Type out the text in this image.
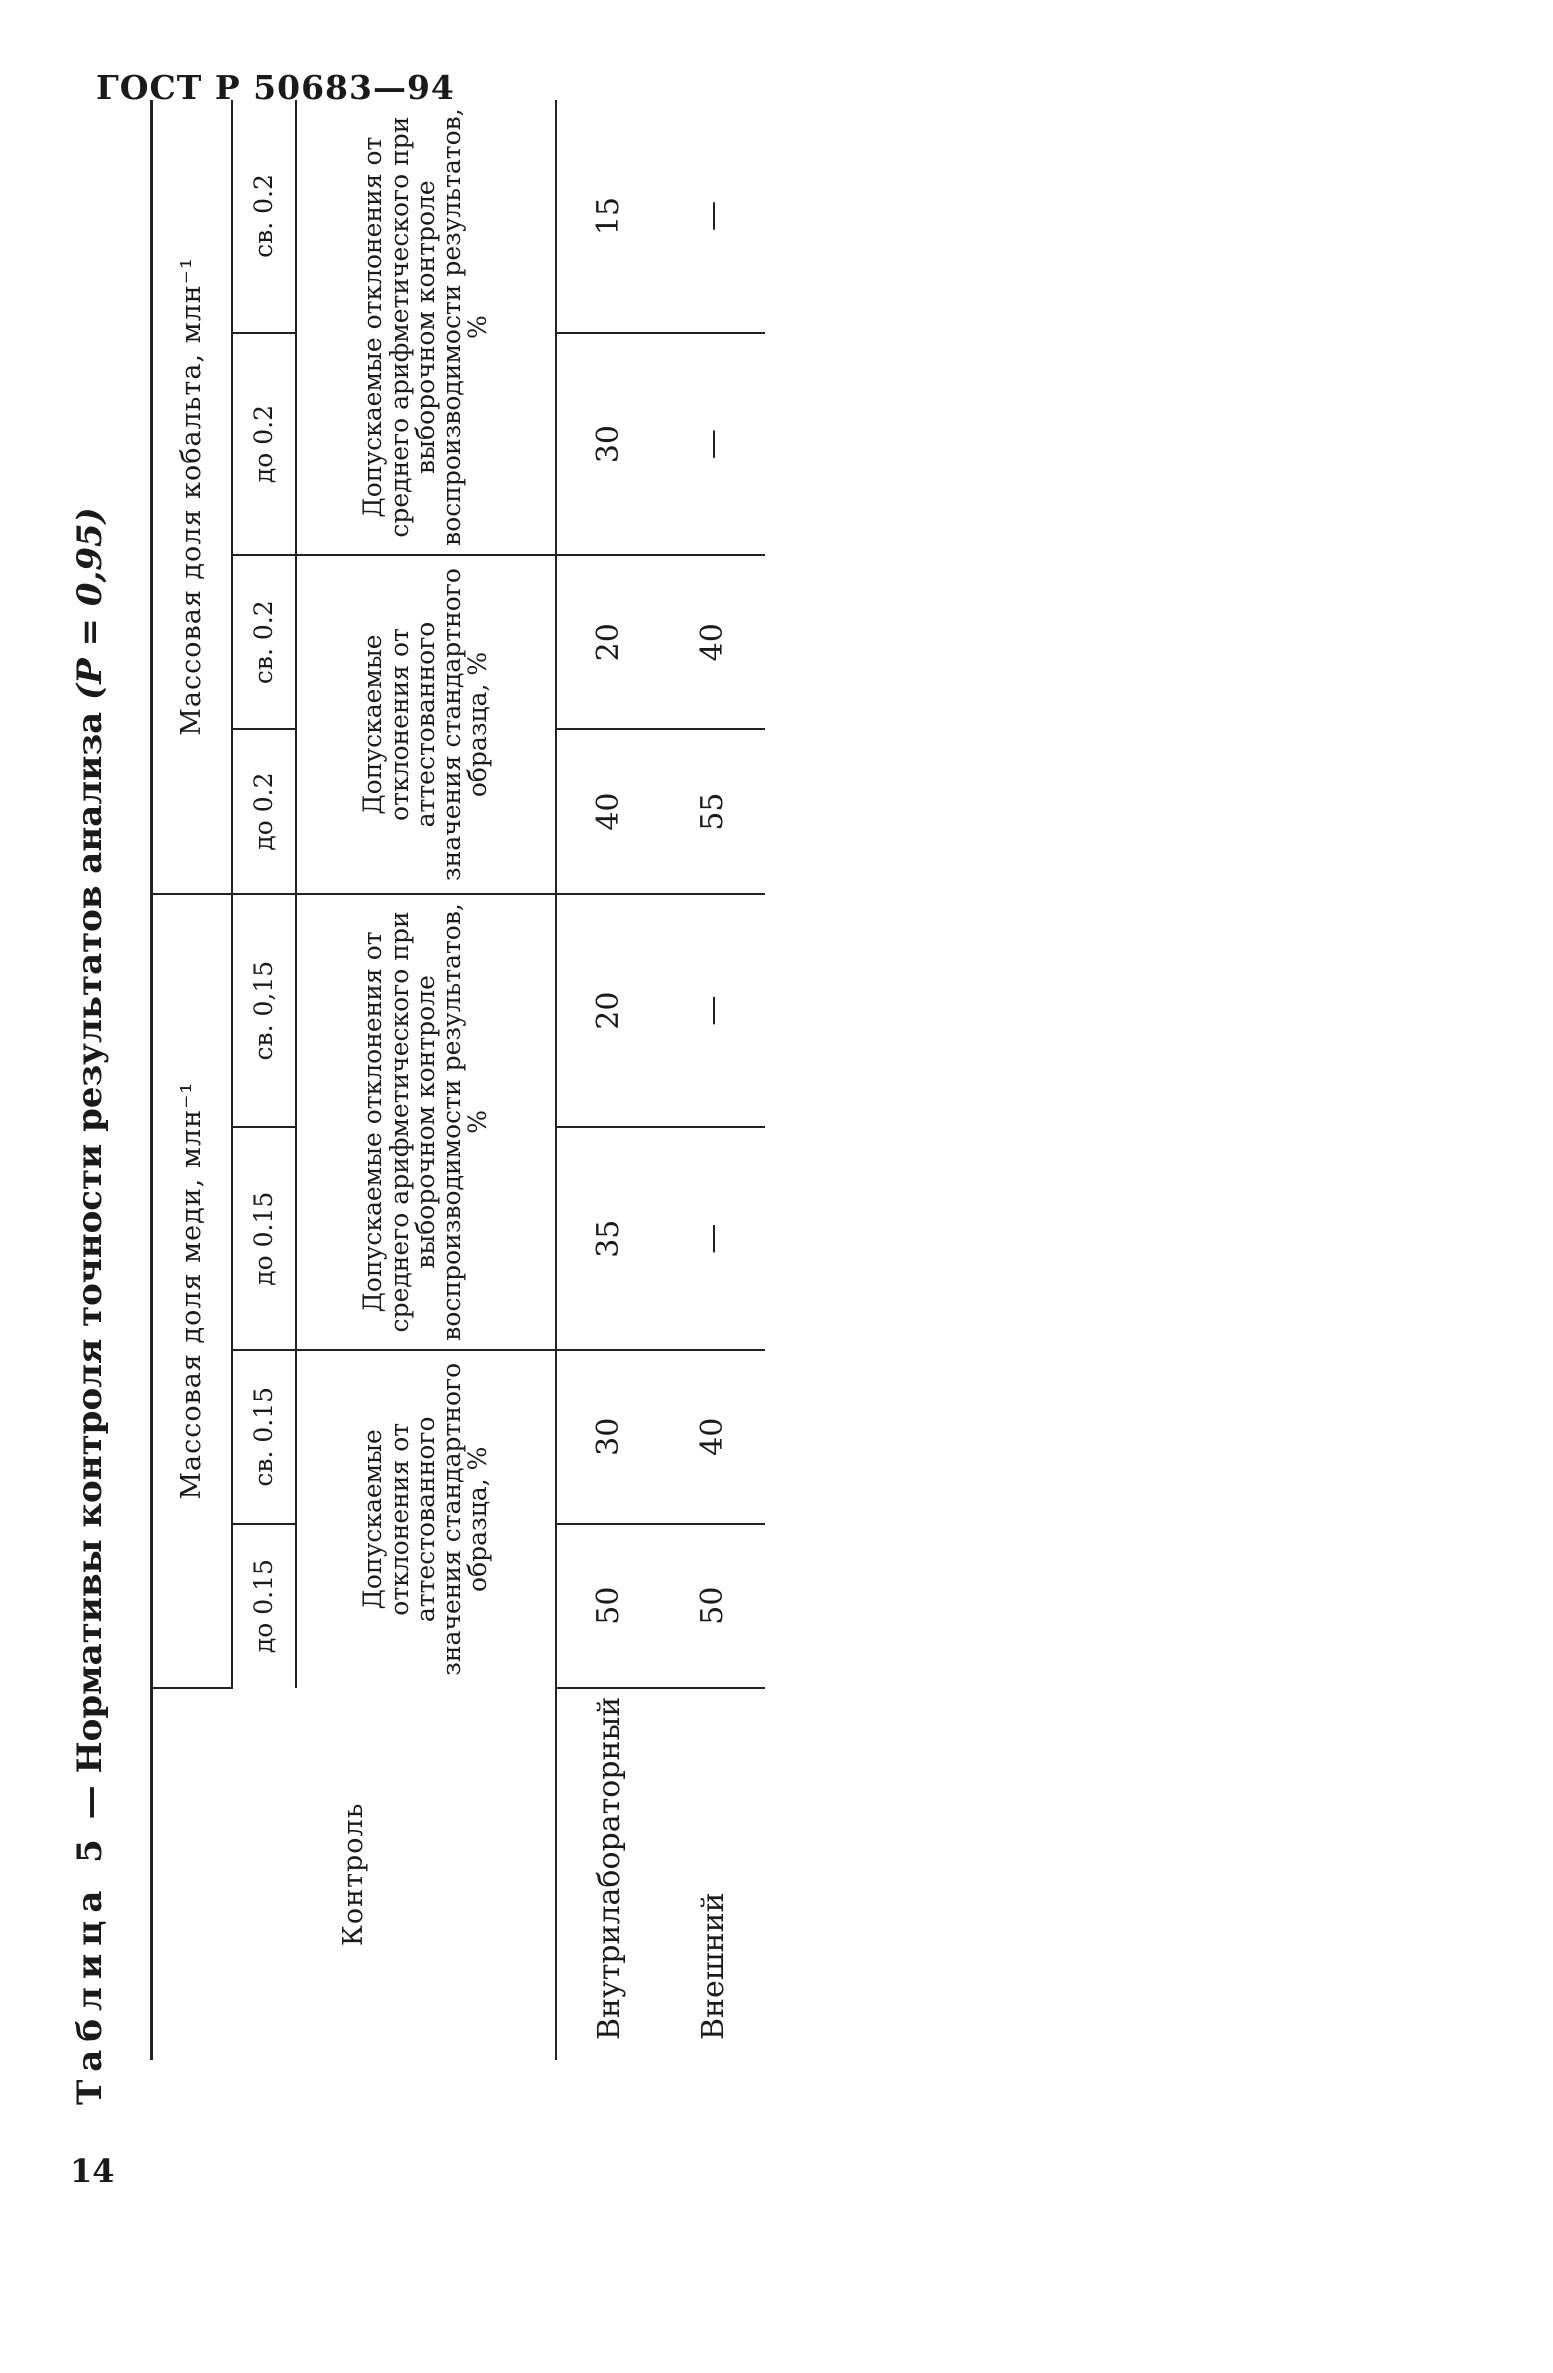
ГОСТ Р 50683—94
14
Таблица 5 — Нормативы контроля точности результатов анализа (P = 0,95)
Контроль	Массовая доля меди, млн⁻¹				Массовая доля кобальта, млн⁻¹			
	до 0.15	св. 0.15	до 0.15	св. 0,15	до 0.2	св. 0.2	до 0.2	св. 0.2
	Допускаемые отклонения от аттестованного значения стандартного образца, %		Допускаемые отклонения от среднего арифметического при выборочном контроле воспроизводимости результатов, %		Допускаемые отклонения от аттестованного значения стандартного образца, %		Допускаемые отклонения от среднего арифметического при выборочном контроле воспроизводимости результатов, %	
Внутрилабораторный	50	30	35	20	40	20	30	15
Внешний	50	40	—	—	55	40	—	—
